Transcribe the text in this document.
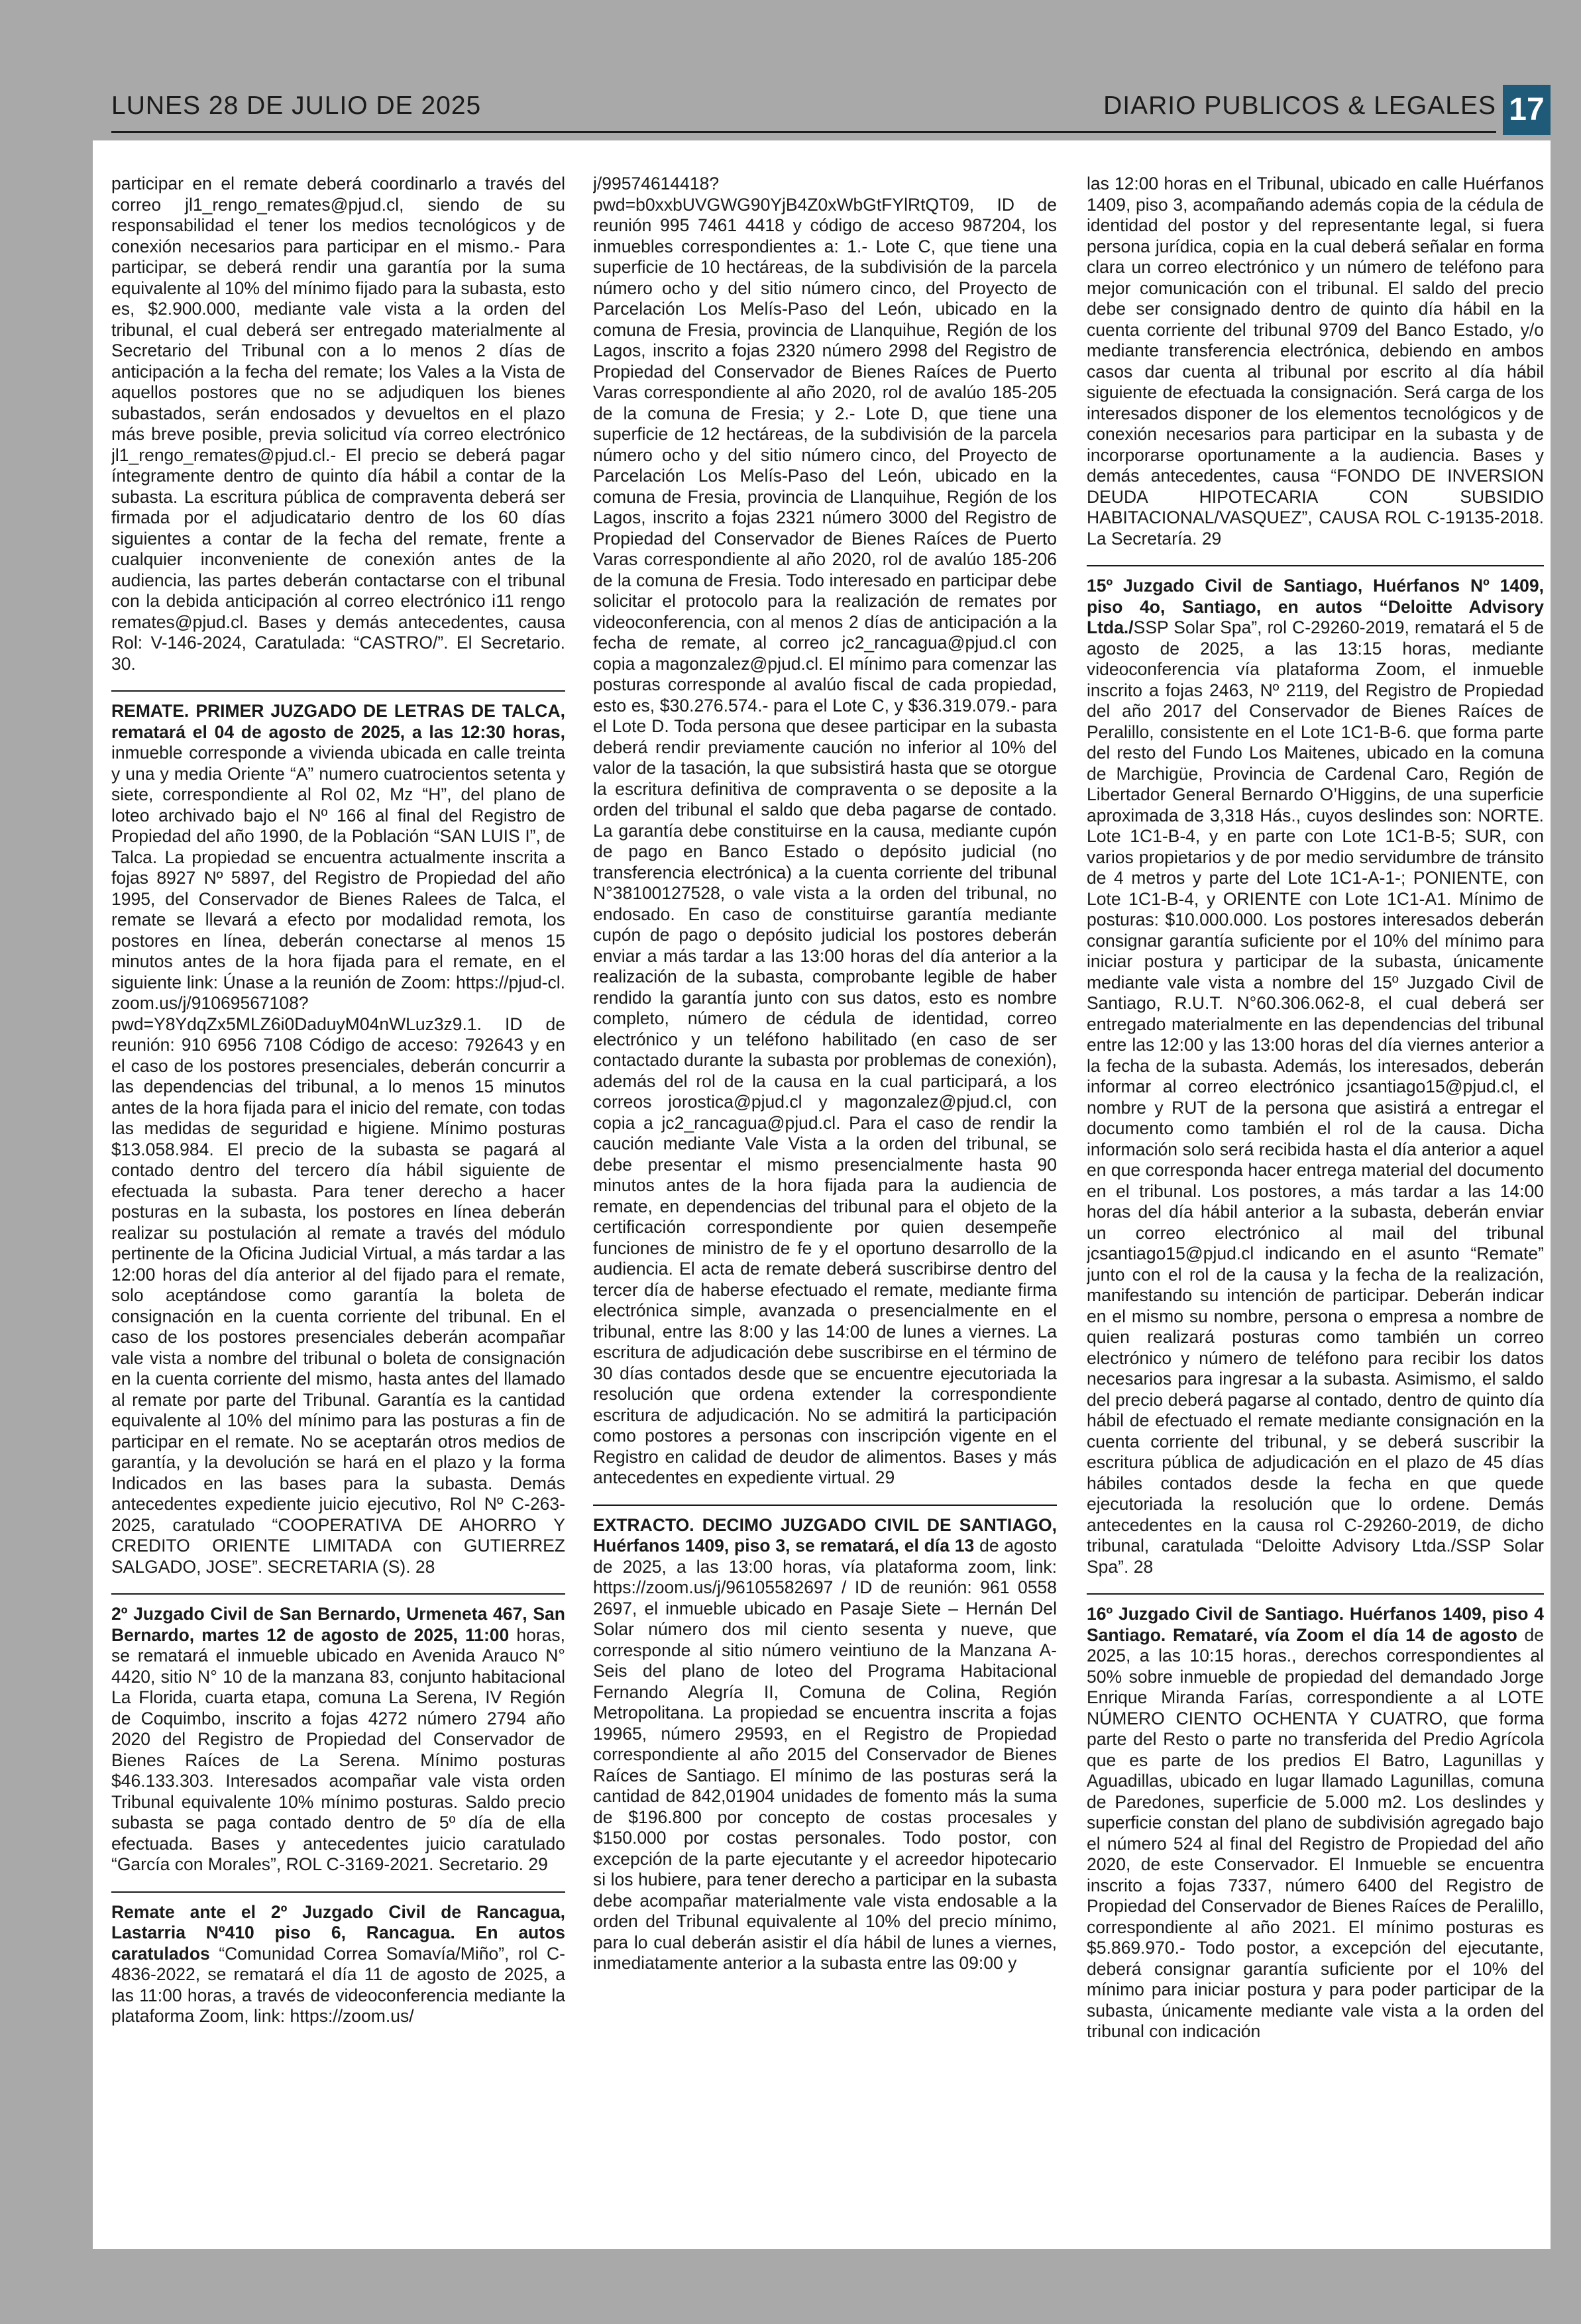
LUNES 28 DE JULIO DE 2025	DIARIO PUBLICOS & LEGALES 17

participar en el remate deberá coordinarlo a través del correo jl1_rengo_remates@pjud.cl, siendo de su responsabilidad el tener los medios tecnológicos y de conexión necesarios para participar en el mismo.- Para participar, se deberá rendir una garantía por la suma equivalente al 10% del mínimo fijado para la subasta, esto es, $2.900.000, mediante vale vista a la orden del tribunal, el cual deberá ser entregado materialmente al Secretario del Tribunal con a lo menos 2 días de anticipación a la fecha del remate; los Vales a la Vista de aquellos postores que no se adjudiquen los bienes subastados, serán endosados y devueltos en el plazo más breve posible, previa solicitud vía correo electrónico jl1_rengo_remates@pjud.cl.- El precio se deberá pagar íntegramente dentro de quinto día hábil a contar de la subasta. La escritura pública de compraventa deberá ser firmada por el adjudicatario dentro de los 60 días siguientes a contar de la fecha del remate, frente a cualquier inconveniente de conexión antes de la audiencia, las partes deberán contactarse con el tribunal con la debida anticipación al correo electrónico i11 rengo remates@pjud.cl. Bases y demás antecedentes, causa Rol: V-146-2024, Caratulada: “CASTRO/”. El Secretario. 30.

REMATE. PRIMER JUZGADO DE LETRAS DE TALCA, rematará el 04 de agosto de 2025, a las 12:30 horas, inmueble corresponde a vivienda ubicada en calle treinta y una y media Oriente “A” numero cuatrocientos setenta y siete, correspondiente al Rol 02, Mz “H”, del plano de loteo archivado bajo el Nº 166 al final del Registro de Propiedad del año 1990, de la Población “SAN LUIS I”, de Talca. La propiedad se encuentra actualmente inscrita a fojas 8927 Nº 5897, del Registro de Propiedad del año 1995, del Conservador de Bienes Ralees de Talca, el remate se llevará a efecto por modalidad remota, los postores en línea, deberán conectarse al menos 15 minutos antes de la hora fijada para el remate, en el siguiente link: Únase a la reunión de Zoom: https://pjud-cl. zoom.us/j/91069567108?pwd=Y8YdqZx5MLZ6i0DaduyM04nWLuz3z9.1. ID de reunión: 910 6956 7108 Código de acceso: 792643 y en el caso de los postores presenciales, deberán concurrir a las dependencias del tribunal, a lo menos 15 minutos antes de la hora fijada para el inicio del remate, con todas las medidas de seguridad e higiene. Mínimo posturas $13.058.984. El precio de la subasta se pagará al contado dentro del tercero día hábil siguiente de efectuada la subasta. Para tener derecho a hacer posturas en la subasta, los postores en línea deberán realizar su postulación al remate a través del módulo pertinente de la Oficina Judicial Virtual, a más tardar a las 12:00 horas del día anterior al del fijado para el remate, solo aceptándose como garantía la boleta de consignación en la cuenta corriente del tribunal. En el caso de los postores presenciales deberán acompañar vale vista a nombre del tribunal o boleta de consignación en la cuenta corriente del mismo, hasta antes del llamado al remate por parte del Tribunal. Garantía es la cantidad equivalente al 10% del mínimo para las posturas a fin de participar en el remate. No se aceptarán otros medios de garantía, y la devolución se hará en el plazo y la forma Indicados en las bases para la subasta. Demás antecedentes expediente juicio ejecutivo, Rol Nº C-263-2025, caratulado “COOPERATIVA DE AHORRO Y CREDITO ORIENTE LIMITADA con GUTIERREZ SALGADO, JOSE”. SECRETARIA (S). 28

2º Juzgado Civil de San Bernardo, Urmeneta 467, San Bernardo, martes 12 de agosto de 2025, 11:00 horas, se rematará el inmueble ubicado en Avenida Arauco N° 4420, sitio N° 10 de la manzana 83, conjunto habitacional La Florida, cuarta etapa, comuna La Serena, IV Región de Coquimbo, inscrito a fojas 4272 número 2794 año 2020 del Registro de Propiedad del Conservador de Bienes Raíces de La Serena. Mínimo posturas $46.133.303. Interesados acompañar vale vista orden Tribunal equivalente 10% mínimo posturas. Saldo precio subasta se paga contado dentro de 5º día de ella efectuada. Bases y antecedentes juicio caratulado “García con Morales”, ROL C-3169-2021. Secretario. 29

Remate ante el 2º Juzgado Civil de Rancagua, Lastarria Nº410 piso 6, Rancagua. En autos caratulados “Comunidad Correa Somavía/Miño”, rol C-4836-2022, se rematará el día 11 de agosto de 2025, a las 11:00 horas, a través de videoconferencia mediante la plataforma Zoom, link: https://zoom.us/

j/99574614418?pwd=b0xxbUVGWG90YjB4Z0xWbGtFYlRtQT09, ID de reunión 995 7461 4418 y código de acceso 987204, los inmuebles correspondientes a: 1.- Lote C, que tiene una superficie de 10 hectáreas, de la subdivisión de la parcela número ocho y del sitio número cinco, del Proyecto de Parcelación Los Melís-Paso del León, ubicado en la comuna de Fresia, provincia de Llanquihue, Región de los Lagos, inscrito a fojas 2320 número 2998 del Registro de Propiedad del Conservador de Bienes Raíces de Puerto Varas correspondiente al año 2020, rol de avalúo 185-205 de la comuna de Fresia; y 2.- Lote D, que tiene una superficie de 12 hectáreas, de la subdivisión de la parcela número ocho y del sitio número cinco, del Proyecto de Parcelación Los Melís-Paso del León, ubicado en la comuna de Fresia, provincia de Llanquihue, Región de los Lagos, inscrito a fojas 2321 número 3000 del Registro de Propiedad del Conservador de Bienes Raíces de Puerto Varas correspondiente al año 2020, rol de avalúo 185-206 de la comuna de Fresia. Todo interesado en participar debe solicitar el protocolo para la realización de remates por videoconferencia, con al menos 2 días de anticipación a la fecha de remate, al correo jc2_rancagua@pjud.cl con copia a magonzalez@pjud.cl. El mínimo para comenzar las posturas corresponde al avalúo fiscal de cada propiedad, esto es, $30.276.574.- para el Lote C, y $36.319.079.- para el Lote D. Toda persona que desee participar en la subasta deberá rendir previamente caución no inferior al 10% del valor de la tasación, la que subsistirá hasta que se otorgue la escritura definitiva de compraventa o se deposite a la orden del tribunal el saldo que deba pagarse de contado. La garantía debe constituirse en la causa, mediante cupón de pago en Banco Estado o depósito judicial (no transferencia electrónica) a la cuenta corriente del tribunal N°38100127528, o vale vista a la orden del tribunal, no endosado. En caso de constituirse garantía mediante cupón de pago o depósito judicial los postores deberán enviar a más tardar a las 13:00 horas del día anterior a la realización de la subasta, comprobante legible de haber rendido la garantía junto con sus datos, esto es nombre completo, número de cédula de identidad, correo electrónico y un teléfono habilitado (en caso de ser contactado durante la subasta por problemas de conexión), además del rol de la causa en la cual participará, a los correos jorostica@pjud.cl y magonzalez@pjud.cl, con copia a jc2_rancagua@pjud.cl. Para el caso de rendir la caución mediante Vale Vista a la orden del tribunal, se debe presentar el mismo presencialmente hasta 90 minutos antes de la hora fijada para la audiencia de remate, en dependencias del tribunal para el objeto de la certificación correspondiente por quien desempeñe funciones de ministro de fe y el oportuno desarrollo de la audiencia. El acta de remate deberá suscribirse dentro del tercer día de haberse efectuado el remate, mediante firma electrónica simple, avanzada o presencialmente en el tribunal, entre las 8:00 y las 14:00 de lunes a viernes. La escritura de adjudicación debe suscribirse en el término de 30 días contados desde que se encuentre ejecutoriada la resolución que ordena extender la correspondiente escritura de adjudicación. No se admitirá la participación como postores a personas con inscripción vigente en el Registro en calidad de deudor de alimentos. Bases y más antecedentes en expediente virtual. 29

EXTRACTO. DECIMO JUZGADO CIVIL DE SANTIAGO, Huérfanos 1409, piso 3, se rematará, el día 13 de agosto de 2025, a las 13:00 horas, vía plataforma zoom, link: https://zoom.us/j/96105582697 / ID de reunión: 961 0558 2697, el inmueble ubicado en Pasaje Siete – Hernán Del Solar número dos mil ciento sesenta y nueve, que corresponde al sitio número veintiuno de la Manzana A-Seis del plano de loteo del Programa Habitacional Fernando Alegría II, Comuna de Colina, Región Metropolitana. La propiedad se encuentra inscrita a fojas 19965, número 29593, en el Registro de Propiedad correspondiente al año 2015 del Conservador de Bienes Raíces de Santiago. El mínimo de las posturas será la cantidad de 842,01904 unidades de fomento más la suma de $196.800 por concepto de costas procesales y $150.000 por costas personales. Todo postor, con excepción de la parte ejecutante y el acreedor hipotecario si los hubiere, para tener derecho a participar en la subasta debe acompañar materialmente vale vista endosable a la orden del Tribunal equivalente al 10% del precio mínimo, para lo cual deberán asistir el día hábil de lunes a viernes, inmediatamente anterior a la subasta entre las 09:00 y

las 12:00 horas en el Tribunal, ubicado en calle Huérfanos 1409, piso 3, acompañando además copia de la cédula de identidad del postor y del representante legal, si fuera persona jurídica, copia en la cual deberá señalar en forma clara un correo electrónico y un número de teléfono para mejor comunicación con el tribunal. El saldo del precio debe ser consignado dentro de quinto día hábil en la cuenta corriente del tribunal 9709 del Banco Estado, y/o mediante transferencia electrónica, debiendo en ambos casos dar cuenta al tribunal por escrito al día hábil siguiente de efectuada la consignación. Será carga de los interesados disponer de los elementos tecnológicos y de conexión necesarios para participar en la subasta y de incorporarse oportunamente a la audiencia. Bases y demás antecedentes, causa “FONDO DE INVERSION DEUDA HIPOTECARIA CON SUBSIDIO HABITACIONAL/VASQUEZ”, CAUSA ROL C-19135-2018. La Secretaría. 29

15º Juzgado Civil de Santiago, Huérfanos Nº 1409, piso 4o, Santiago, en autos “Deloitte Advisory Ltda./SSP Solar Spa”, rol C-29260-2019, rematará el 5 de agosto de 2025, a las 13:15 horas, mediante videoconferencia vía plataforma Zoom, el inmueble inscrito a fojas 2463, Nº 2119, del Registro de Propiedad del año 2017 del Conservador de Bienes Raíces de Peralillo, consistente en el Lote 1C1-B-6. que forma parte del resto del Fundo Los Maitenes, ubicado en la comuna de Marchigüe, Provincia de Cardenal Caro, Región de Libertador General Bernardo O’Higgins, de una superficie aproximada de 3,318 Hás., cuyos deslindes son: NORTE. Lote 1C1-B-4, y en parte con Lote 1C1-B-5; SUR, con varios propietarios y de por medio servidumbre de tránsito de 4 metros y parte del Lote 1C1-A-1-; PONIENTE, con Lote 1C1-B-4, y ORIENTE con Lote 1C1-A1. Mínimo de posturas: $10.000.000. Los postores interesados deberán consignar garantía suficiente por el 10% del mínimo para iniciar postura y participar de la subasta, únicamente mediante vale vista a nombre del 15º Juzgado Civil de Santiago, R.U.T. N°60.306.062-8, el cual deberá ser entregado materialmente en las dependencias del tribunal entre las 12:00 y las 13:00 horas del día viernes anterior a la fecha de la subasta. Además, los interesados, deberán informar al correo electrónico jcsantiago15@pjud.cl, el nombre y RUT de la persona que asistirá a entregar el documento como también el rol de la causa. Dicha información solo será recibida hasta el día anterior a aquel en que corresponda hacer entrega material del documento en el tribunal. Los postores, a más tardar a las 14:00 horas del día hábil anterior a la subasta, deberán enviar un correo electrónico al mail del tribunal jcsantiago15@pjud.cl indicando en el asunto “Remate” junto con el rol de la causa y la fecha de la realización, manifestando su intención de participar. Deberán indicar en el mismo su nombre, persona o empresa a nombre de quien realizará posturas como también un correo electrónico y número de teléfono para recibir los datos necesarios para ingresar a la subasta. Asimismo, el saldo del precio deberá pagarse al contado, dentro de quinto día hábil de efectuado el remate mediante consignación en la cuenta corriente del tribunal, y se deberá suscribir la escritura pública de adjudicación en el plazo de 45 días hábiles contados desde la fecha en que quede ejecutoriada la resolución que lo ordene. Demás antecedentes en la causa rol C-29260-2019, de dicho tribunal, caratulada “Deloitte Advisory Ltda./SSP Solar Spa”. 28

16º Juzgado Civil de Santiago. Huérfanos 1409, piso 4 Santiago. Remataré, vía Zoom el día 14 de agosto de 2025, a las 10:15 horas., derechos correspondientes al 50% sobre inmueble de propiedad del demandado Jorge Enrique Miranda Farías, correspondiente a al LOTE NÚMERO CIENTO OCHENTA Y CUATRO, que forma parte del Resto o parte no transferida del Predio Agrícola que es parte de los predios El Batro, Lagunillas y Aguadillas, ubicado en lugar llamado Lagunillas, comuna de Paredones, superficie de 5.000 m2. Los deslindes y superficie constan del plano de subdivisión agregado bajo el número 524 al final del Registro de Propiedad del año 2020, de este Conservador. El Inmueble se encuentra inscrito a fojas 7337, número 6400 del Registro de Propiedad del Conservador de Bienes Raíces de Peralillo, correspondiente al año 2021. El mínimo posturas es $5.869.970.- Todo postor, a excepción del ejecutante, deberá consignar garantía suficiente por el 10% del mínimo para iniciar postura y para poder participar de la subasta, únicamente mediante vale vista a la orden del tribunal con indicación
